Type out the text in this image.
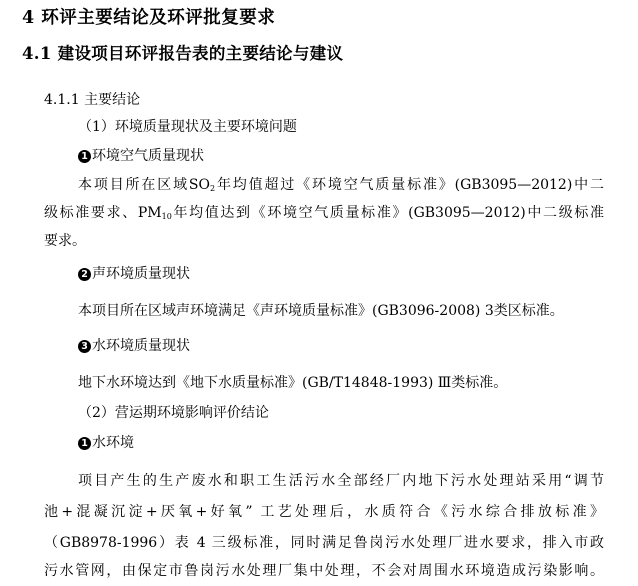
4 环评主要结论及环评批复要求
4.1 建设项目环评报告表的主要结论与建议
4.1.1 主要结论
（1）环境质量现状及主要环境问题
1 环境空气质量现状
本项目所在区域$SO_2$年均值超过《环境空气质量标准》(GB3095—2012)中二
级标准要求、$PM_{10}$年均值达到《环境空气质量标准》(GB3095—2012)中二级标准
要求。
2 声环境质量现状
本项目所在区域声环境满足《声环境质量标准》(GB3096-2008) 3类区标准。
3 水环境质量现状
地下水环境达到《地下水质量标准》(GB/T14848-1993) Ⅲ类标准。
（2）营运期环境影响评价结论
1 水环境
项目产生的生产废水和职工生活污水全部经厂内地下污水处理站采用“调节
池+混凝沉淀+厌氧+好氧” 工艺处理后，水质符合《污水综合排放标准》
（GB8978-1996）表 4 三级标准，同时满足鲁岗污水处理厂进水要求，排入市政
污水管网，由保定市鲁岗污水处理厂集中处理，不会对周围水环境造成污染影响。
